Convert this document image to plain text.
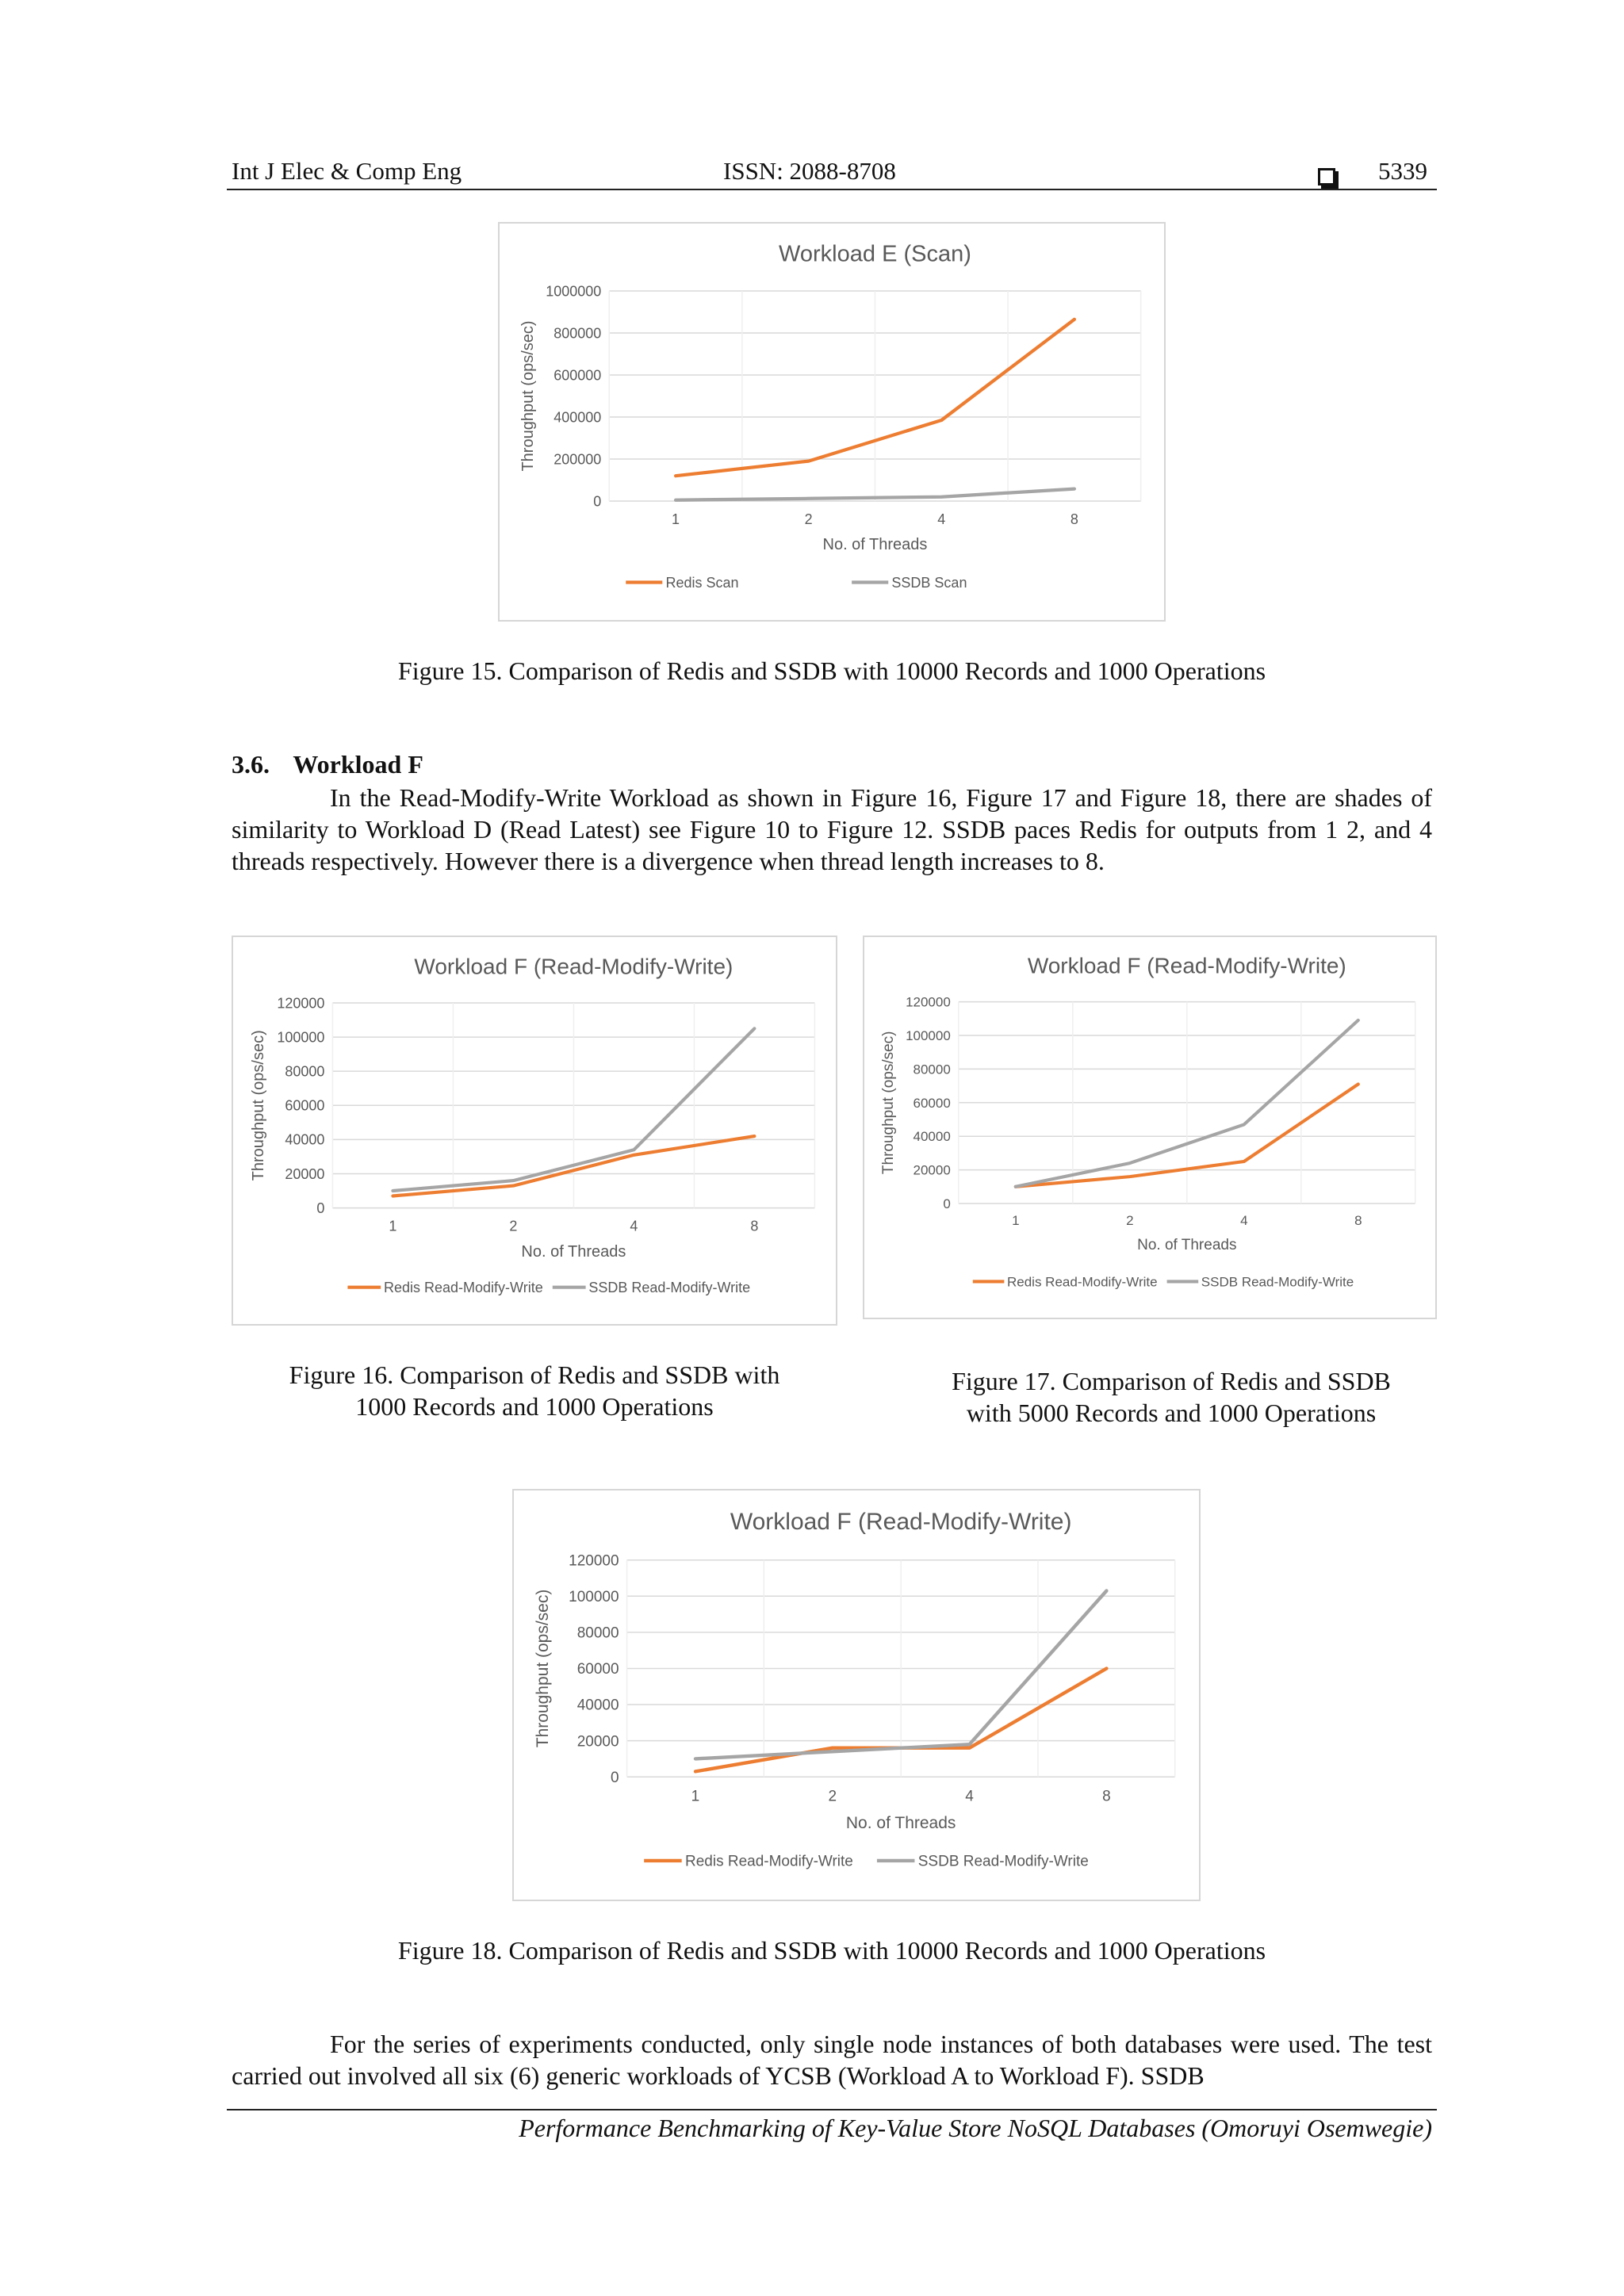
Int J Elec & Comp Eng	ISSN: 2088-8708	5339
Workload E (Scan)
0
200000
400000
600000
800000
1000000
1	2	4	8
No. of Threads
Throughput (ops/sec)
Redis Scan	SSDB Scan
Figure 15. Comparison of Redis and SSDB with 10000 Records and 1000 Operations
3.6. Workload F
In the Read-Modify-Write Workload as shown in Figure 16, Figure 17 and Figure 18, there are shades of similarity to Workload D (Read Latest) see Figure 10 to Figure 12. SSDB paces Redis for outputs from 1 2, and 4 threads respectively. However there is a divergence when thread length increases to 8.
Workload F (Read-Modify-Write)
0
20000
40000
60000
80000
100000
120000
1	2	4	8
No. of Threads
Throughput (ops/sec)
Redis Read-Modify-Write	SSDB Read-Modify-Write
Workload F (Read-Modify-Write)
0
20000
40000
60000
80000
100000
120000
1	2	4	8
No. of Threads
Throughput (ops/sec)
Redis Read-Modify-Write	SSDB Read-Modify-Write
Figure 16. Comparison of Redis and SSDB with
1000 Records and 1000 Operations
Figure 17. Comparison of Redis and SSDB
with 5000 Records and 1000 Operations
Workload F (Read-Modify-Write)
0
20000
40000
60000
80000
100000
120000
1	2	4	8
No. of Threads
Throughput (ops/sec)
Redis Read-Modify-Write	SSDB Read-Modify-Write
Figure 18. Comparison of Redis and SSDB with 10000 Records and 1000 Operations
For the series of experiments conducted, only single node instances of both databases were used. The test carried out involved all six (6) generic workloads of YCSB (Workload A to Workload F). SSDB
Performance Benchmarking of Key-Value Store NoSQL Databases (Omoruyi Osemwegie)
